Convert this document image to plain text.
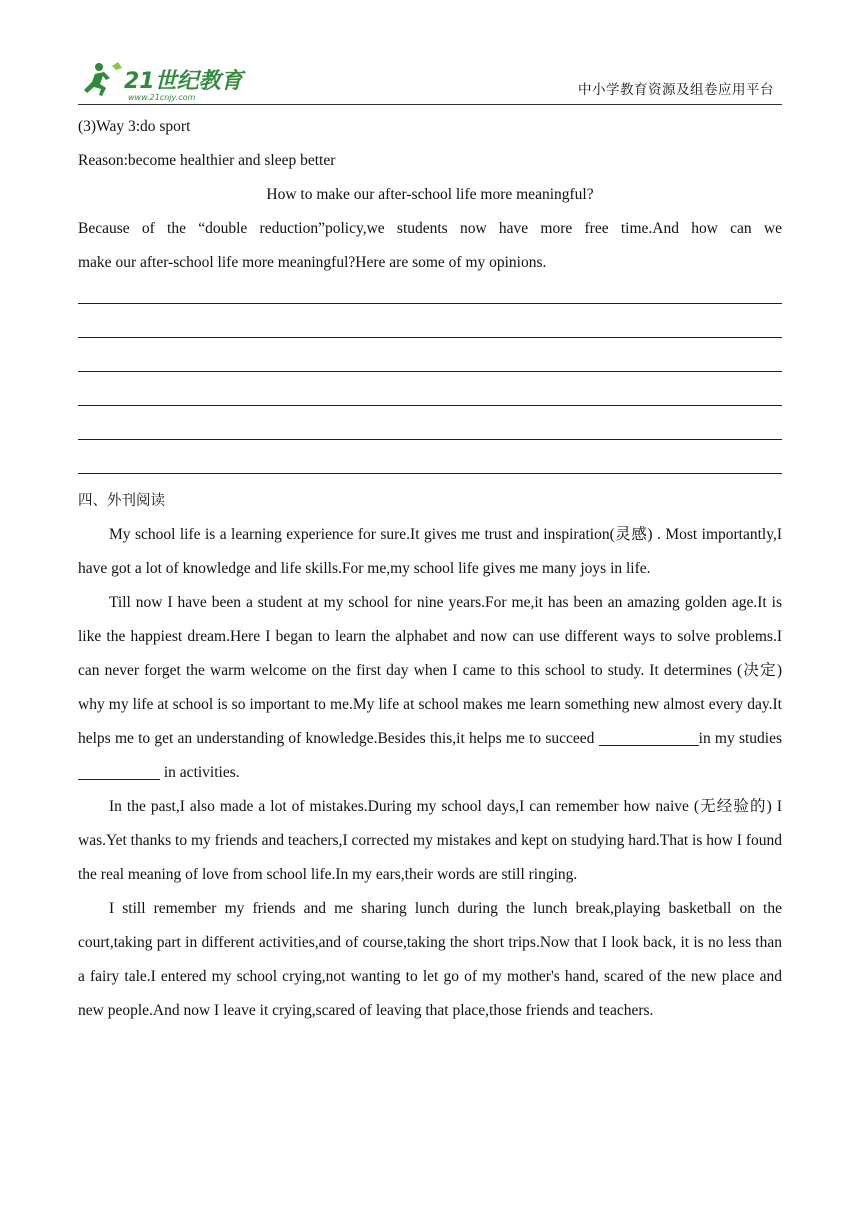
21世纪教育
www.21cnjy.com	中小学教育资源及组卷应用平台

(3)Way 3:do sport

Reason:become healthier and sleep better

How to make our after-school life more meaningful?

Because of the “double reduction”policy,we students now have more free time.And how can we

make our after-school life more meaningful?Here are some of my opinions.

四、外刊阅读

My school life is a learning experience for sure.It gives me trust and inspiration(灵感) . Most importantly,I have got a lot of knowledge and life skills.For me,my school life gives me many joys in life.

Till now I have been a student at my school for nine years.For me,it has been an amazing golden age.It is like the happiest dream.Here I began to learn the alphabet and now can use different ways to solve problems.I can never forget the warm welcome on the first day when I came to this school to study. It determines (决定) why my life at school is so important to me.My life at school makes me learn something new almost every day.It helps me to get an understanding of knowledge.Besides this,it helps me to succeed	in my studies in activities.

In the past,I also made a lot of mistakes.During my school days,I can remember how naive (无经验的) I was.Yet thanks to my friends and teachers,I corrected my mistakes and kept on studying hard.That is how I found the real meaning of love from school life.In my ears,their words are still ringing.

I still remember my friends and me sharing lunch during the lunch break,playing basketball on the court,taking part in different activities,and of course,taking the short trips.Now that I look back, it is no less than a fairy tale.I entered my school crying,not wanting to let go of my mother's hand, scared of the new place and new people.And now I leave it crying,scared of leaving that place,those friends and teachers.
